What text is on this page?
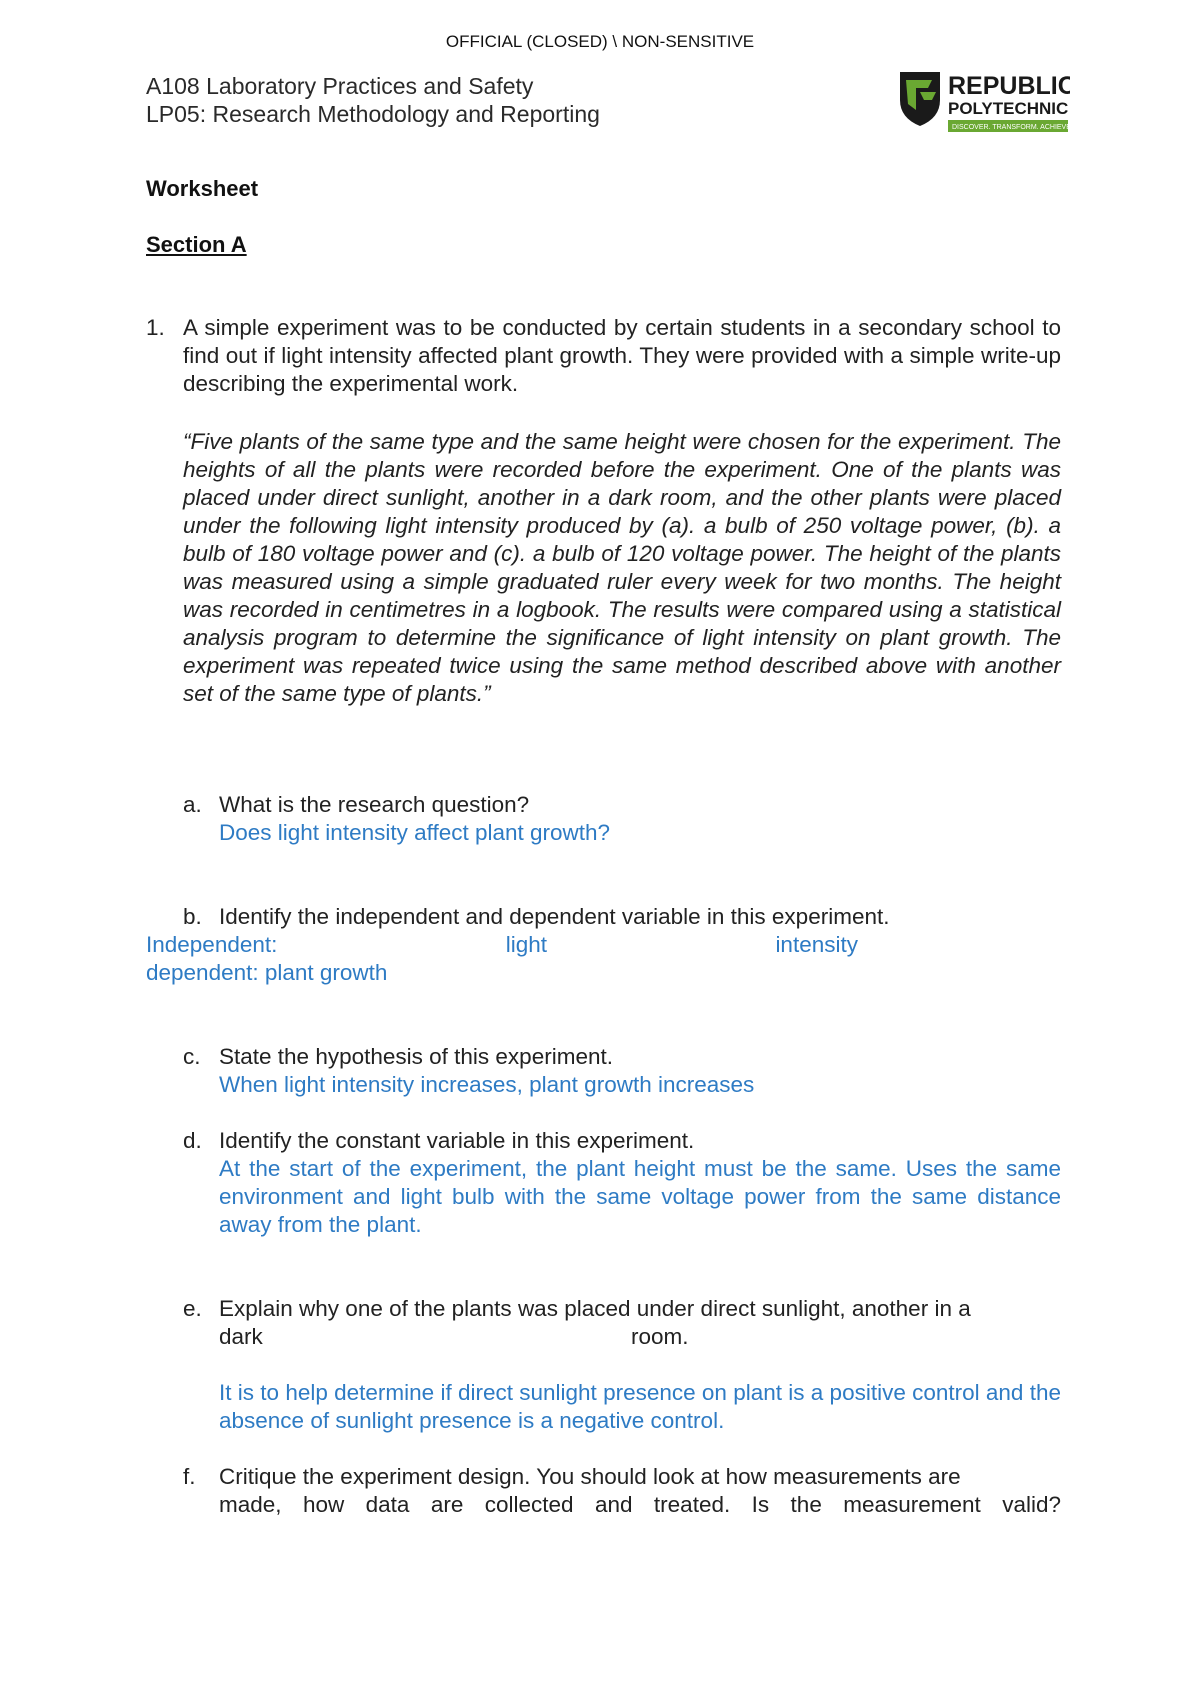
OFFICIAL (CLOSED) \ NON-SENSITIVE
A108 Laboratory Practices and Safety
LP05: Research Methodology and Reporting
REPUBLIC
POLYTECHNIC
DISCOVER. TRANSFORM. ACHIEVE
Worksheet
Section A
1. A simple experiment was to be conducted by certain students in a secondary school to find out if light intensity affected plant growth. They were provided with a simple write-up describing the experimental work.
“Five plants of the same type and the same height were chosen for the experiment. The heights of all the plants were recorded before the experiment. One of the plants was placed under direct sunlight, another in a dark room, and the other plants were placed under the following light intensity produced by (a). a bulb of 250 voltage power, (b). a bulb of 180 voltage power and (c). a bulb of 120 voltage power. The height of the plants was measured using a simple graduated ruler every week for two months. The height was recorded in centimetres in a logbook. The results were compared using a statistical analysis program to determine the significance of light intensity on plant growth. The experiment was repeated twice using the same method described above with another set of the same type of plants.”
a. What is the research question?
Does light intensity affect plant growth?
b. Identify the independent and dependent variable in this experiment.
Independent:	light	intensity
dependent: plant growth
c. State the hypothesis of this experiment.
When light intensity increases, plant growth increases
d. Identify the constant variable in this experiment.
At the start of the experiment, the plant height must be the same. Uses the same environment and light bulb with the same voltage power from the same distance away from the plant.
e. Explain why one of the plants was placed under direct sunlight, another in a
dark	room.
It is to help determine if direct sunlight presence on plant is a positive control and the absence of sunlight presence is a negative control.
f. Critique the experiment design. You should look at how measurements are
made, how data are collected and treated. Is the measurement valid?
